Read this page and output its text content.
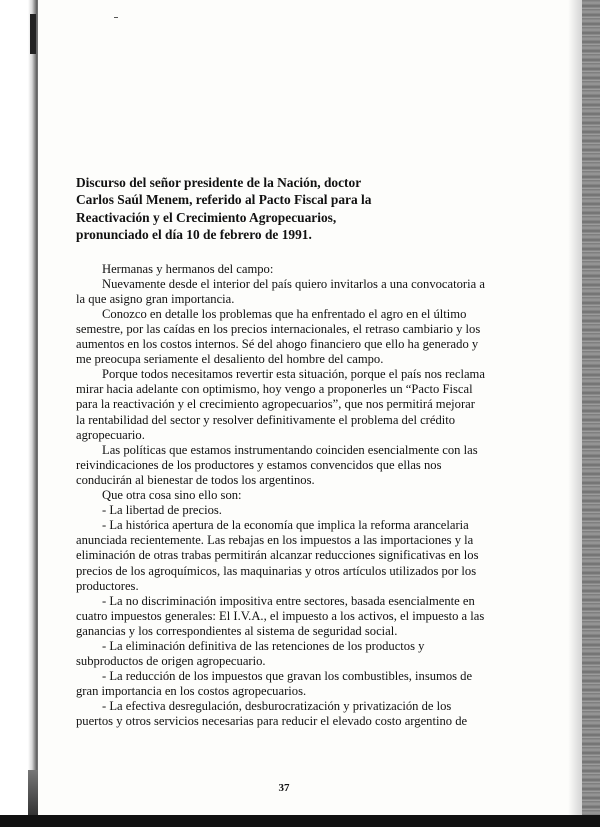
Discurso del señor presidente de la Nación, doctor Carlos Saúl Menem, referido al Pacto Fiscal para la Reactivación y el Crecimiento Agropecuarios, pronunciado el día 10 de febrero de 1991.

Hermanas y hermanos del campo:

Nuevamente desde el interior del país quiero invitarlos a una convocatoria a la que asigno gran importancia.

Conozco en detalle los problemas que ha enfrentado el agro en el último semestre, por las caídas en los precios internacionales, el retraso cambiario y los aumentos en los costos internos. Sé del ahogo financiero que ello ha generado y me preocupa seriamente el desaliento del hombre del campo.

Porque todos necesitamos revertir esta situación, porque el país nos reclama mirar hacia adelante con optimismo, hoy vengo a proponerles un “Pacto Fiscal para la reactivación y el crecimiento agropecuarios”, que nos permitirá mejorar la rentabilidad del sector y resolver definitivamente el problema del crédito agropecuario.

Las políticas que estamos instrumentando coinciden esencialmente con las reivindicaciones de los productores y estamos convencidos que ellas nos conducirán al bienestar de todos los argentinos.

Que otra cosa sino ello son:

- La libertad de precios.

- La histórica apertura de la economía que implica la reforma arancelaria anunciada recientemente. Las rebajas en los impuestos a las importaciones y la eliminación de otras trabas permitirán alcanzar reducciones significativas en los precios de los agroquímicos, las maquinarias y otros artículos utilizados por los productores.

- La no discriminación impositiva entre sectores, basada esencialmente en cuatro impuestos generales: El I.V.A., el impuesto a los activos, el impuesto a las ganancias y los correspondientes al sistema de seguridad social.

- La eliminación definitiva de las retenciones de los productos y subproductos de origen agropecuario.

- La reducción de los impuestos que gravan los combustibles, insumos de gran importancia en los costos agropecuarios.

- La efectiva desregulación, desburocratización y privatización de los puertos y otros servicios necesarias para reducir el elevado costo argentino de

37
